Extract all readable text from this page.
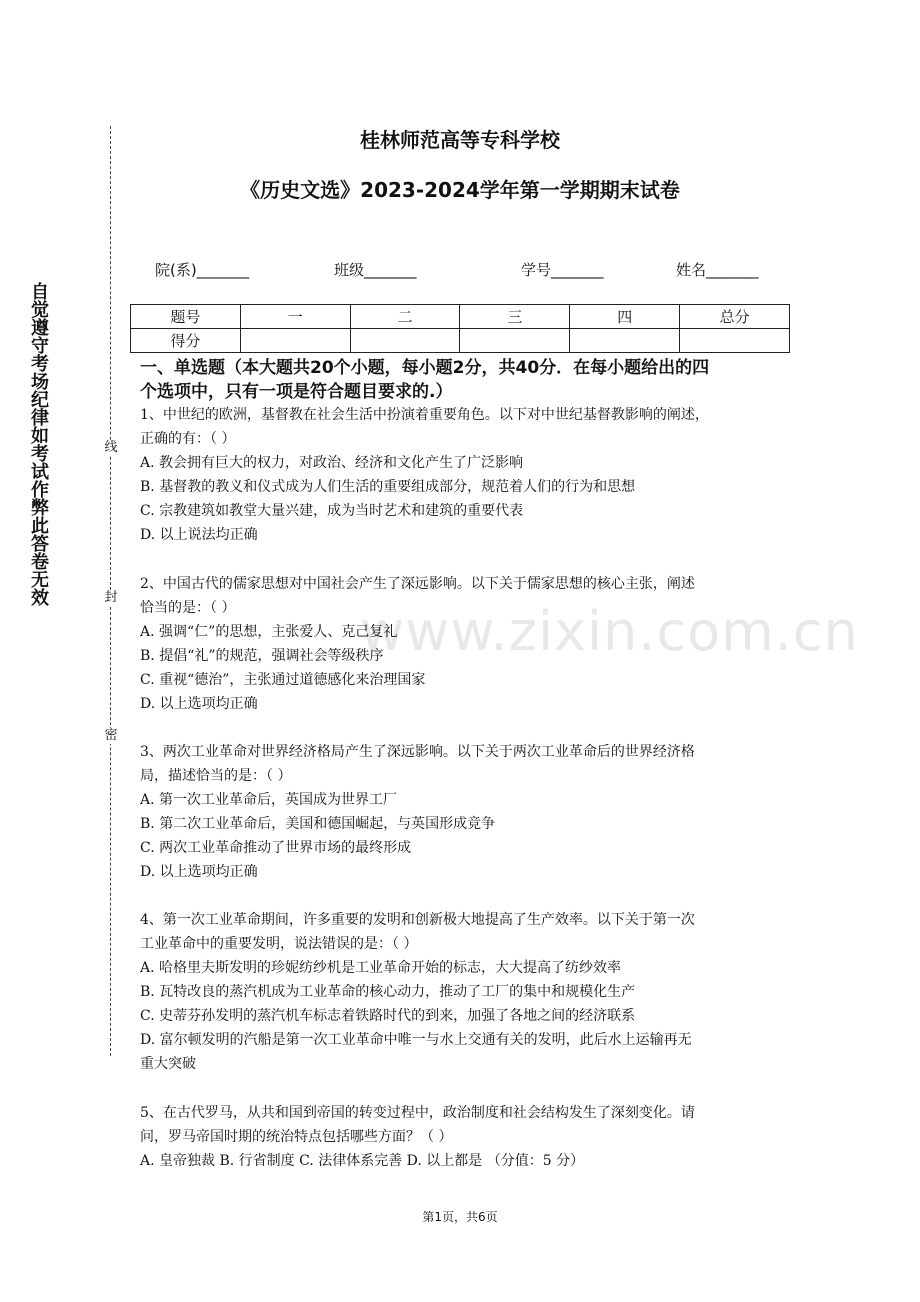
自觉遵守考场纪律如考试作弊此答卷无效	线
封
密
桂林师范高等专科学校
《历史文选》2023-2024学年第一学期期末试卷
院(系)_______	班级_______	学号_______	姓名_______
题号	一	二	三	四	总分
得分					
一、单选题（本大题共20个小题，每小题2分，共40分．在每小题给出的四
个选项中，只有一项是符合题目要求的.）

1、中世纪的欧洲，基督教在社会生活中扮演着重要角色。以下对中世纪基督教影响的阐述，

正确的有：（ ）

A. 教会拥有巨大的权力，对政治、经济和文化产生了广泛影响

B. 基督教的教义和仪式成为人们生活的重要组成部分，规范着人们的行为和思想

C. 宗教建筑如教堂大量兴建，成为当时艺术和建筑的重要代表

D. 以上说法均正确

2、中国古代的儒家思想对中国社会产生了深远影响。以下关于儒家思想的核心主张，阐述

恰当的是：（ ）

A. 强调“仁”的思想，主张爱人、克己复礼

B. 提倡“礼”的规范，强调社会等级秩序

C. 重视“德治”，主张通过道德感化来治理国家

D. 以上选项均正确

3、两次工业革命对世界经济格局产生了深远影响。以下关于两次工业革命后的世界经济格

局，描述恰当的是：（ ）

A. 第一次工业革命后，英国成为世界工厂

B. 第二次工业革命后，美国和德国崛起，与英国形成竞争

C. 两次工业革命推动了世界市场的最终形成

D. 以上选项均正确

4、第一次工业革命期间，许多重要的发明和创新极大地提高了生产效率。以下关于第一次

工业革命中的重要发明，说法错误的是：（ ）

A. 哈格里夫斯发明的珍妮纺纱机是工业革命开始的标志，大大提高了纺纱效率

B. 瓦特改良的蒸汽机成为工业革命的核心动力，推动了工厂的集中和规模化生产

C. 史蒂芬孙发明的蒸汽机车标志着铁路时代的到来，加强了各地之间的经济联系

D. 富尔顿发明的汽船是第一次工业革命中唯一与水上交通有关的发明，此后水上运输再无

重大突破

5、在古代罗马，从共和国到帝国的转变过程中，政治制度和社会结构发生了深刻变化。请

问，罗马帝国时期的统治特点包括哪些方面？（ ）

A. 皇帝独裁 B. 行省制度 C. 法律体系完善 D. 以上都是 （分值：5 分）

www.zixin.com.cn
第1页，共6页
